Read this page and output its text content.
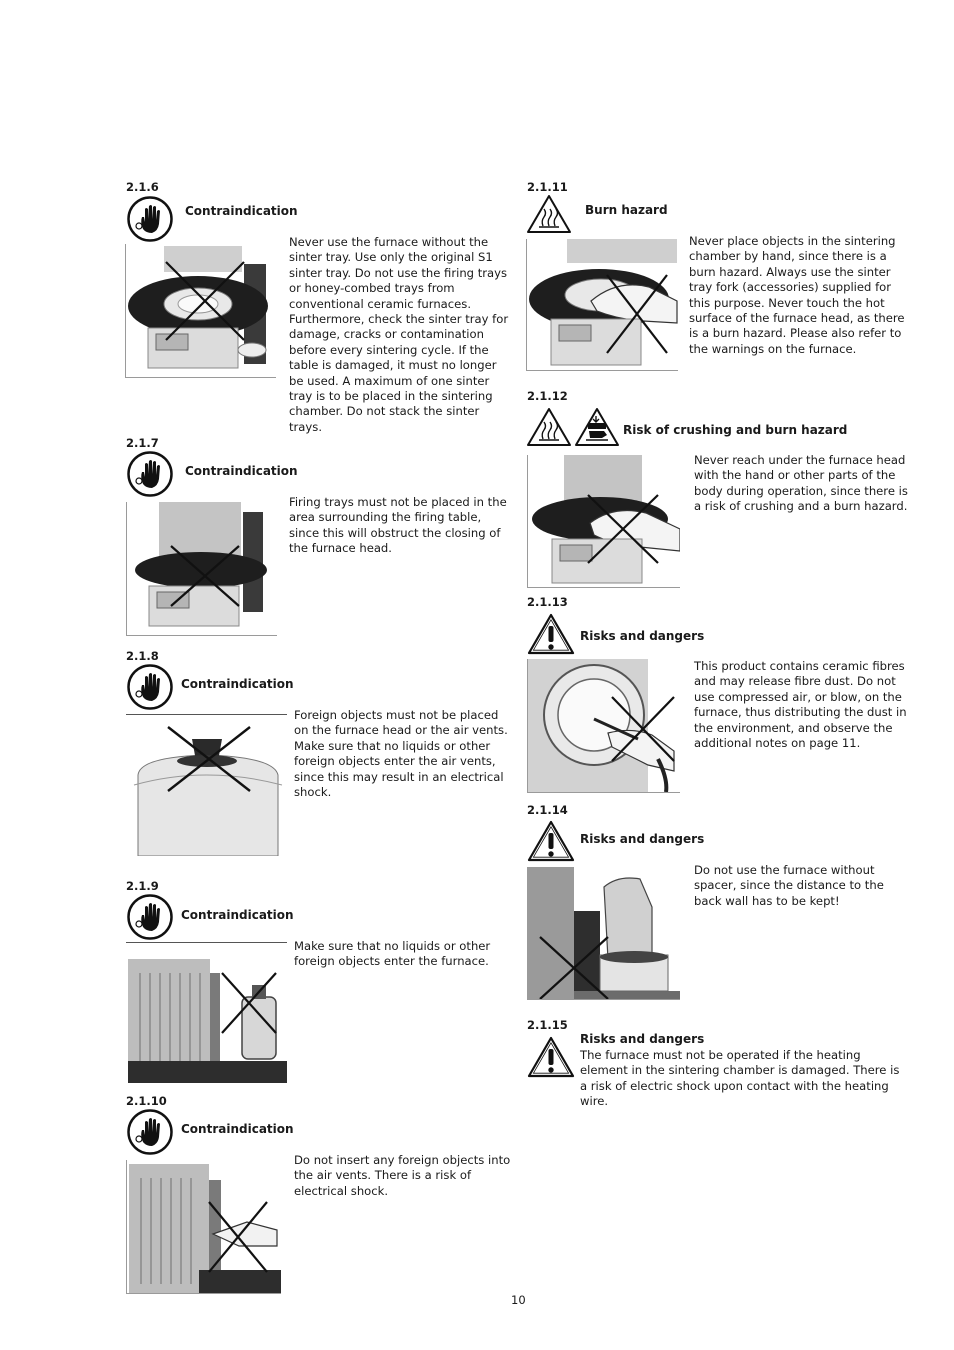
2.1.6
Contraindication
Never use the furnace without the sinter tray. Use only the original S1 sinter tray. Do not use the firing trays or honey-combed trays from conventional ceramic furnaces. Furthermore, check the sinter tray for damage, cracks or contamination before every sintering cycle. If the table is damaged, it must no longer be used. A maximum of one sinter tray is to be placed in the sintering chamber. Do not stack the sinter trays.
2.1.7
Contraindication
Firing trays must not be placed in the area surrounding the firing table, since this will obstruct the closing of the furnace head.
2.1.8
Contraindication
Foreign objects must not be placed on the furnace head or the air vents. Make sure that no liquids or other foreign objects enter the air vents, since this may result in an electrical shock.
2.1.9
Contraindication
Make sure that no liquids or other foreign objects enter the furnace.
2.1.10
Contraindication
Do not insert any foreign objects into the air vents. There is a risk of electrical shock.
2.1.11
Burn hazard
Never place objects in the sintering chamber by hand, since there is a burn hazard. Always use the sinter tray fork (accessories) supplied for this purpose. Never touch the hot surface of the furnace head, as there is a burn hazard. Please also refer to the warnings on the furnace.
2.1.12
Risk of crushing and burn hazard
Never reach under the furnace head with the hand or other parts of the body during operation, since there is a risk of crushing and a burn hazard.
2.1.13
Risks and dangers
This product contains ceramic fibres and may release fibre dust. Do not use compressed air, or blow, on the furnace, thus distributing the dust in the environment, and observe the additional notes on page 11.
2.1.14
Risks and dangers
Do not use the furnace without spacer, since the distance to the back wall has to be kept!
2.1.15
Risks and dangers
The furnace must not be operated if the heating element in the sintering chamber is damaged. There is a risk of electric shock upon contact with the heating wire.
10
